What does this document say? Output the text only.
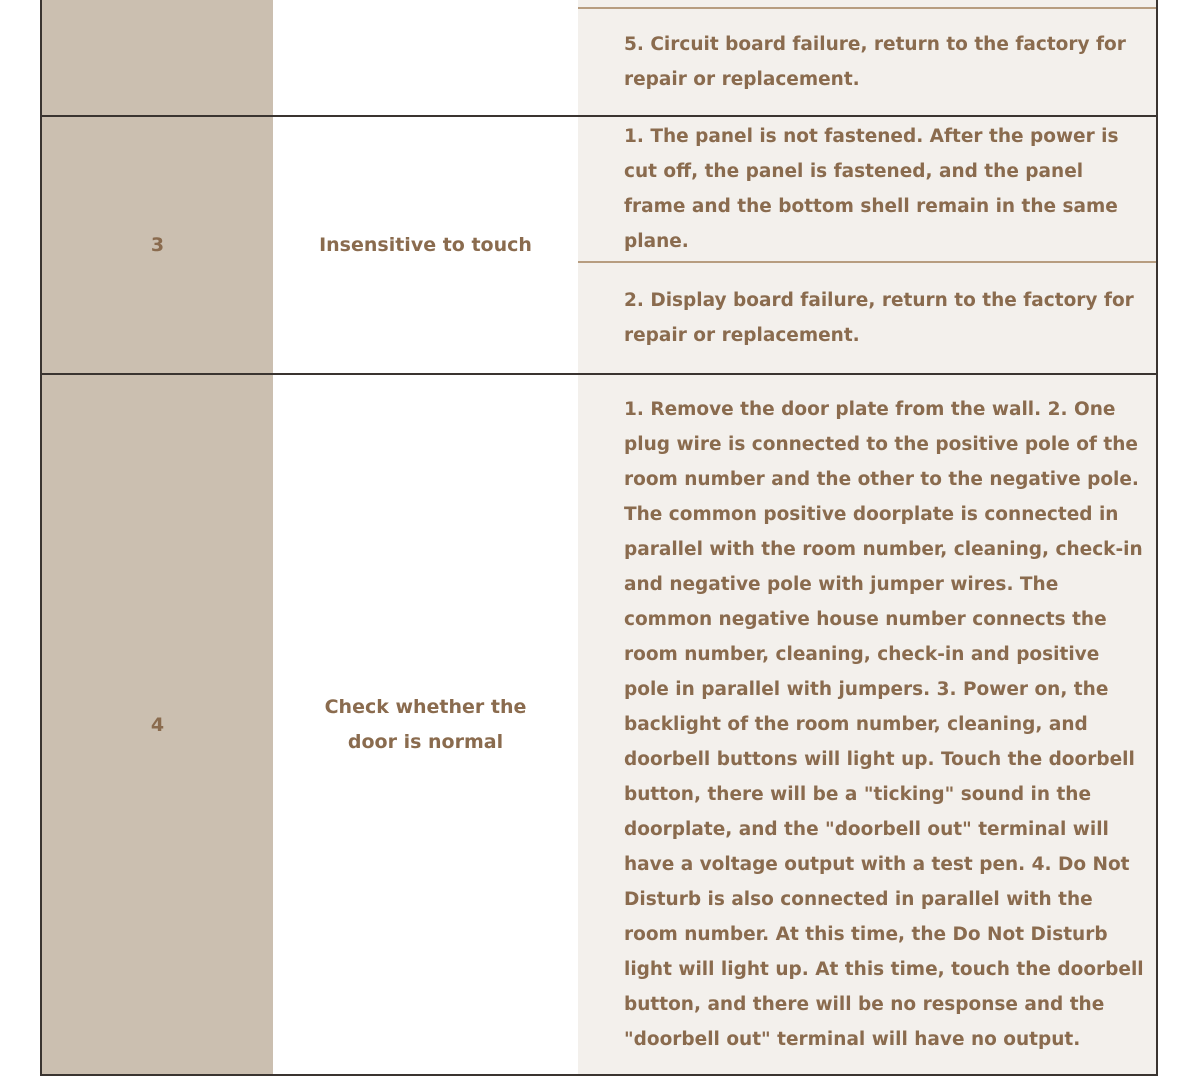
5. Circuit board failure, return to the factory for repair or replacement.
3	Insensitive to touch
1. The panel is not fastened. After the power is cut off, the panel is fastened, and the panel frame and the bottom shell remain in the same plane.
2. Display board failure, return to the factory for repair or replacement.
4
Check whether the door is normal
1. Remove the door plate from the wall. 2. One plug wire is connected to the positive pole of the room number and the other to the negative pole. The common positive doorplate is connected in parallel with the room number, cleaning, check-in and negative pole with jumper wires. The common negative house number connects the room number, cleaning, check-in and positive pole in parallel with jumpers. 3. Power on, the backlight of the room number, cleaning, and doorbell buttons will light up. Touch the doorbell button, there will be a "ticking" sound in the doorplate, and the "doorbell out" terminal will have a voltage output with a test pen. 4. Do Not Disturb is also connected in parallel with the room number. At this time, the Do Not Disturb light will light up. At this time, touch the doorbell button, and there will be no response and the "doorbell out" terminal will have no output.
